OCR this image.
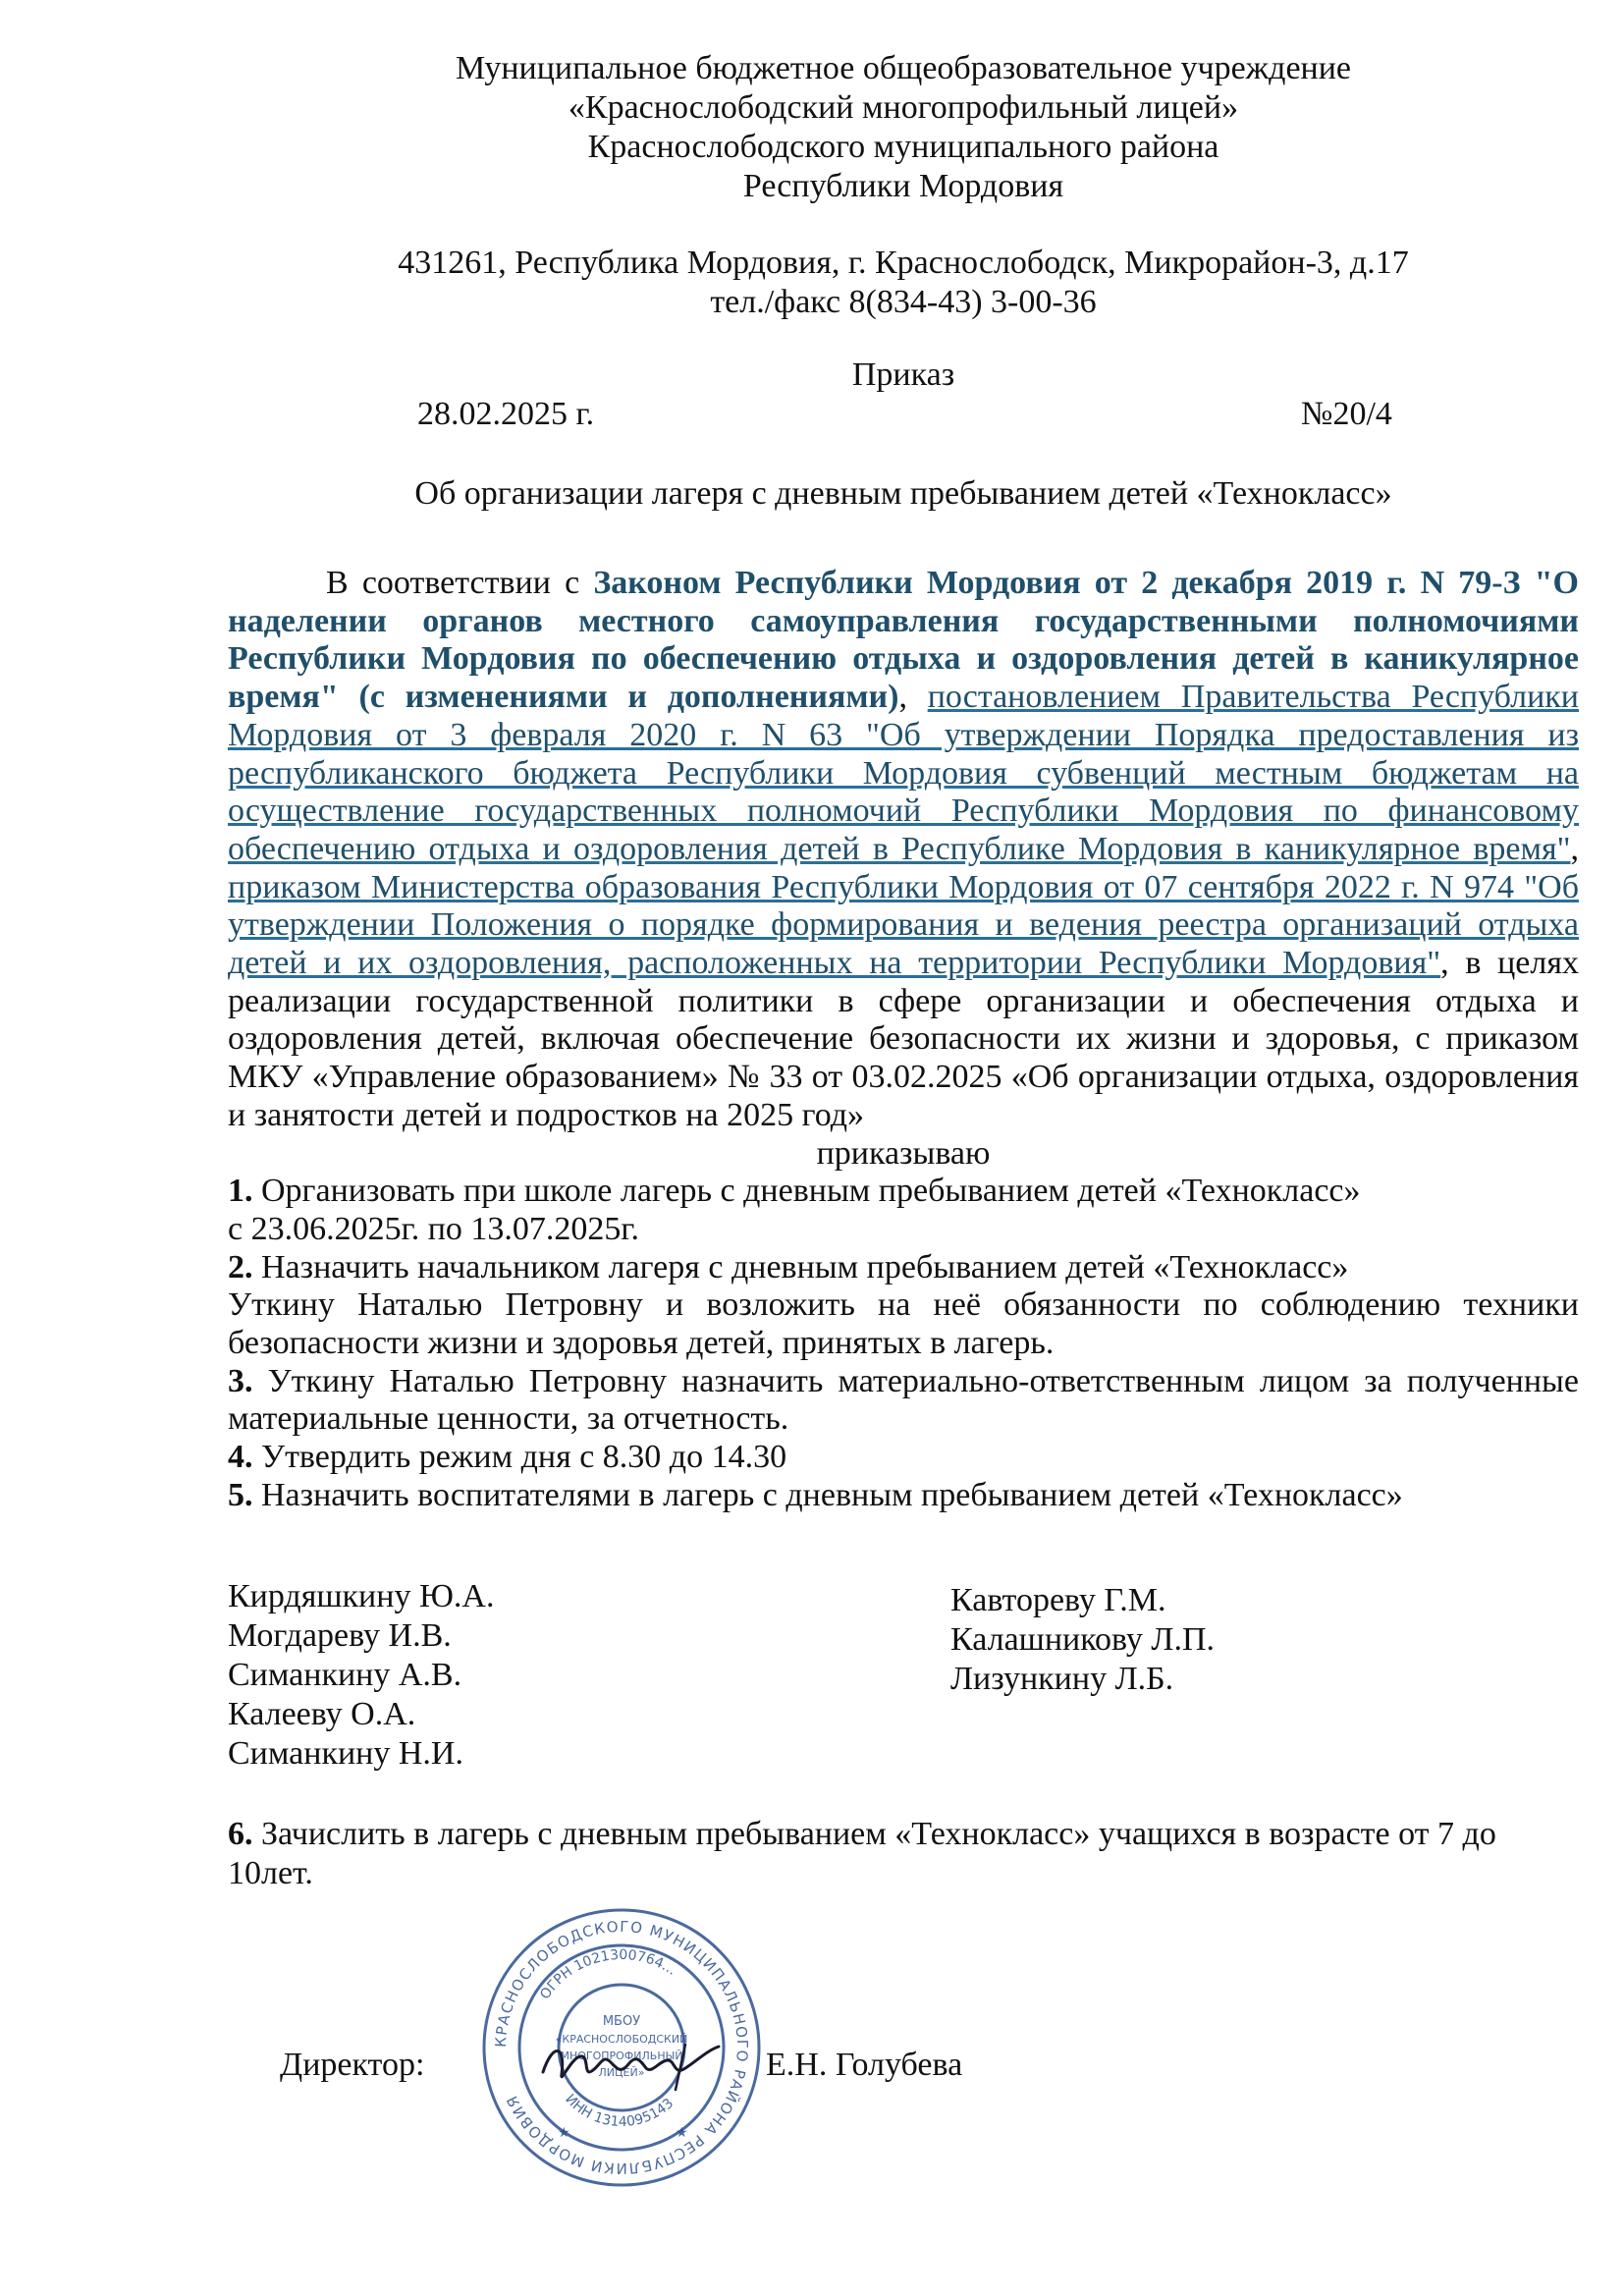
Муниципальное бюджетное общеобразовательное учреждение
«Краснослободский многопрофильный лицей»
Краснослободского муниципального района
Республики Мордовия
431261, Республика Мордовия, г. Краснослободск, Микрорайон-3, д.17
тел./факс 8(834-43) 3-00-36
Приказ
28.02.2025 г.	№20/4
Об организации лагеря с дневным пребыванием детей «Технокласс»

В соответствии с Законом Республики Мордовия от 2 декабря 2019 г. N 79-З "О наделении органов местного самоуправления государственными полномочиями Республики Мордовия по обеспечению отдыха и оздоровления детей в каникулярное время" (с изменениями и дополнениями), постановлением Правительства Республики Мордовия от 3 февраля 2020 г. N 63 "Об утверждении Порядка предоставления из республиканского бюджета Республики Мордовия субвенций местным бюджетам на осуществление государственных полномочий Республики Мордовия по финансовому обеспечению отдыха и оздоровления детей в Республике Мордовия в каникулярное время", приказом Министерства образования Республики Мордовия от 07 сентября 2022 г. N 974 "Об утверждении Положения о порядке формирования и ведения реестра организаций отдыха детей и их оздоровления, расположенных на территории Республики Мордовия", в целях реализации государственной политики в сфере организации и обеспечения отдыха и оздоровления детей, включая обеспечение безопасности их жизни и здоровья, с приказом МКУ «Управление образованием» № 33 от 03.02.2025 «Об организации отдыха, оздоровления и занятости детей и подростков на 2025 год»

приказываю

1. Организовать при школе лагерь с дневным пребыванием детей «Технокласс»
с 23.06.2025г. по 13.07.2025г.

2. Назначить начальником лагеря с дневным пребыванием детей «Технокласс»
Уткину Наталью Петровну и возложить на неё обязанности по соблюдению техники безопасности жизни и здоровья детей, принятых в лагерь.

3. Уткину Наталью Петровну назначить материально-ответственным лицом за полученные материальные ценности, за отчетность.

4. Утвердить режим дня с 8.30 до 14.30

5. Назначить воспитателями в лагерь с дневным пребыванием детей «Технокласс»

Кирдяшкину Ю.А.
Могдареву И.В.
Симанкину А.В.
Калееву О.А.
Симанкину Н.И.
Кавтореву Г.М.
Калашникову Л.П.
Лизункину Л.Б.
6. Зачислить в лагерь с дневным пребыванием «Технокласс» учащихся в возрасте от 7 до 10лет.
КРАСНОСЛОБОДСКОГО МУНИЦИПАЛЬНОГО РАЙОНА РЕСПУБЛИКИ МОРДОВИЯ
ОГРН 1021300764...
ИНН 1314095143
МБОУ
«КРАСНОСЛОБОДСКИЙ
МНОГОПРОФИЛЬНЫЙ
ЛИЦЕЙ»
★	★
Директор:	Е.Н. Голубева
